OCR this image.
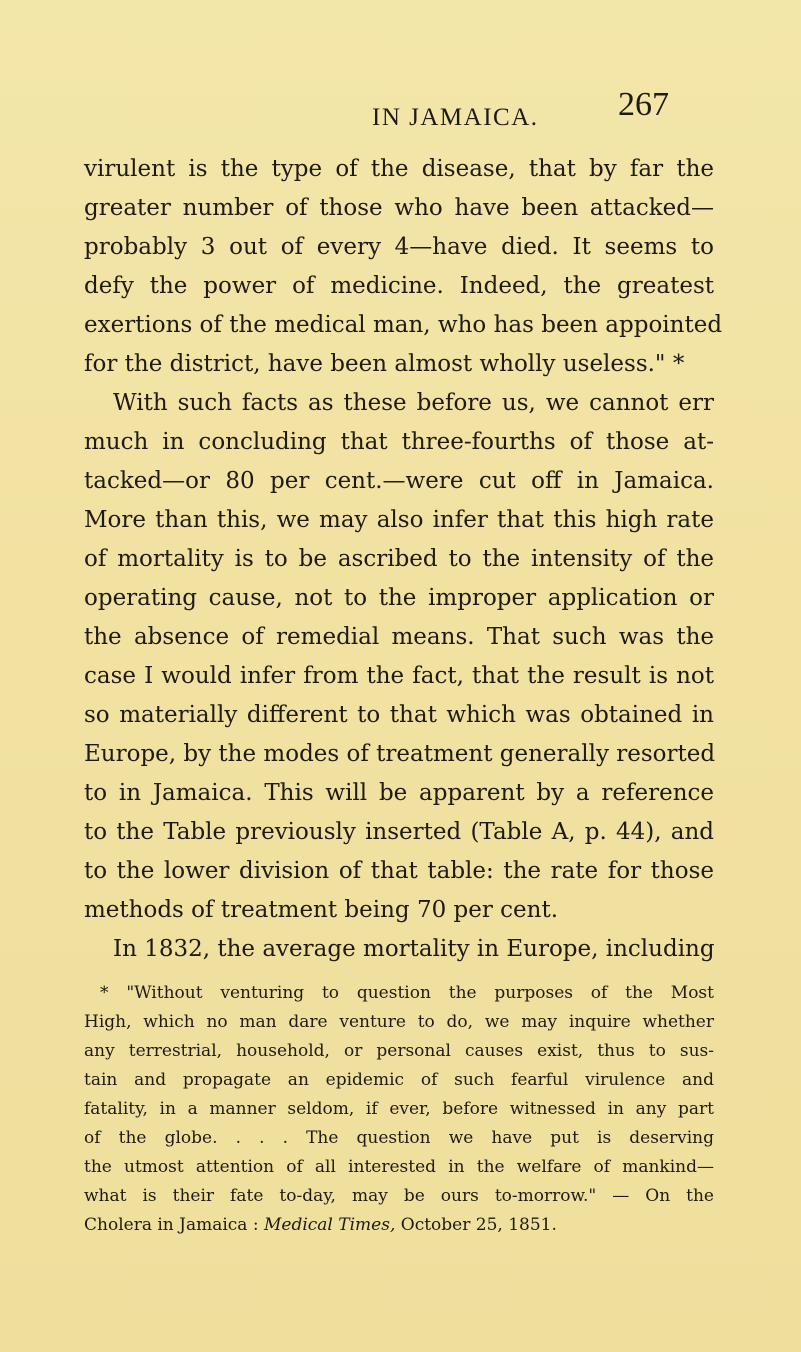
IN JAMAICA. 267
virulent is the type of the disease, that by far the
greater number of those who have been attacked—
probably 3 out of every 4—have died. It seems to
defy the power of medicine. Indeed, the greatest
exertions of the medical man, who has been appointed
for the district, have been almost wholly useless." *
With such facts as these before us, we cannot err
much in concluding that three-fourths of those at-
tacked—or 80 per cent.—were cut off in Jamaica.
More than this, we may also infer that this high rate
of mortality is to be ascribed to the intensity of the
operating cause, not to the improper application or
the absence of remedial means. That such was the
case I would infer from the fact, that the result is not
so materially different to that which was obtained in
Europe, by the modes of treatment generally resorted
to in Jamaica. This will be apparent by a reference
to the Table previously inserted (Table A, p. 44), and
to the lower division of that table: the rate for those
methods of treatment being 70 per cent.
In 1832, the average mortality in Europe, including
* "Without venturing to question the purposes of the Most
High, which no man dare venture to do, we may inquire whether
any terrestrial, household, or personal causes exist, thus to sus-
tain and propagate an epidemic of such fearful virulence and
fatality, in a manner seldom, if ever, before witnessed in any part
of the globe. . . . The question we have put is deserving
the utmost attention of all interested in the welfare of mankind—
what is their fate to-day, may be ours to-morrow." — On the
Cholera in Jamaica : Medical Times, October 25, 1851.
